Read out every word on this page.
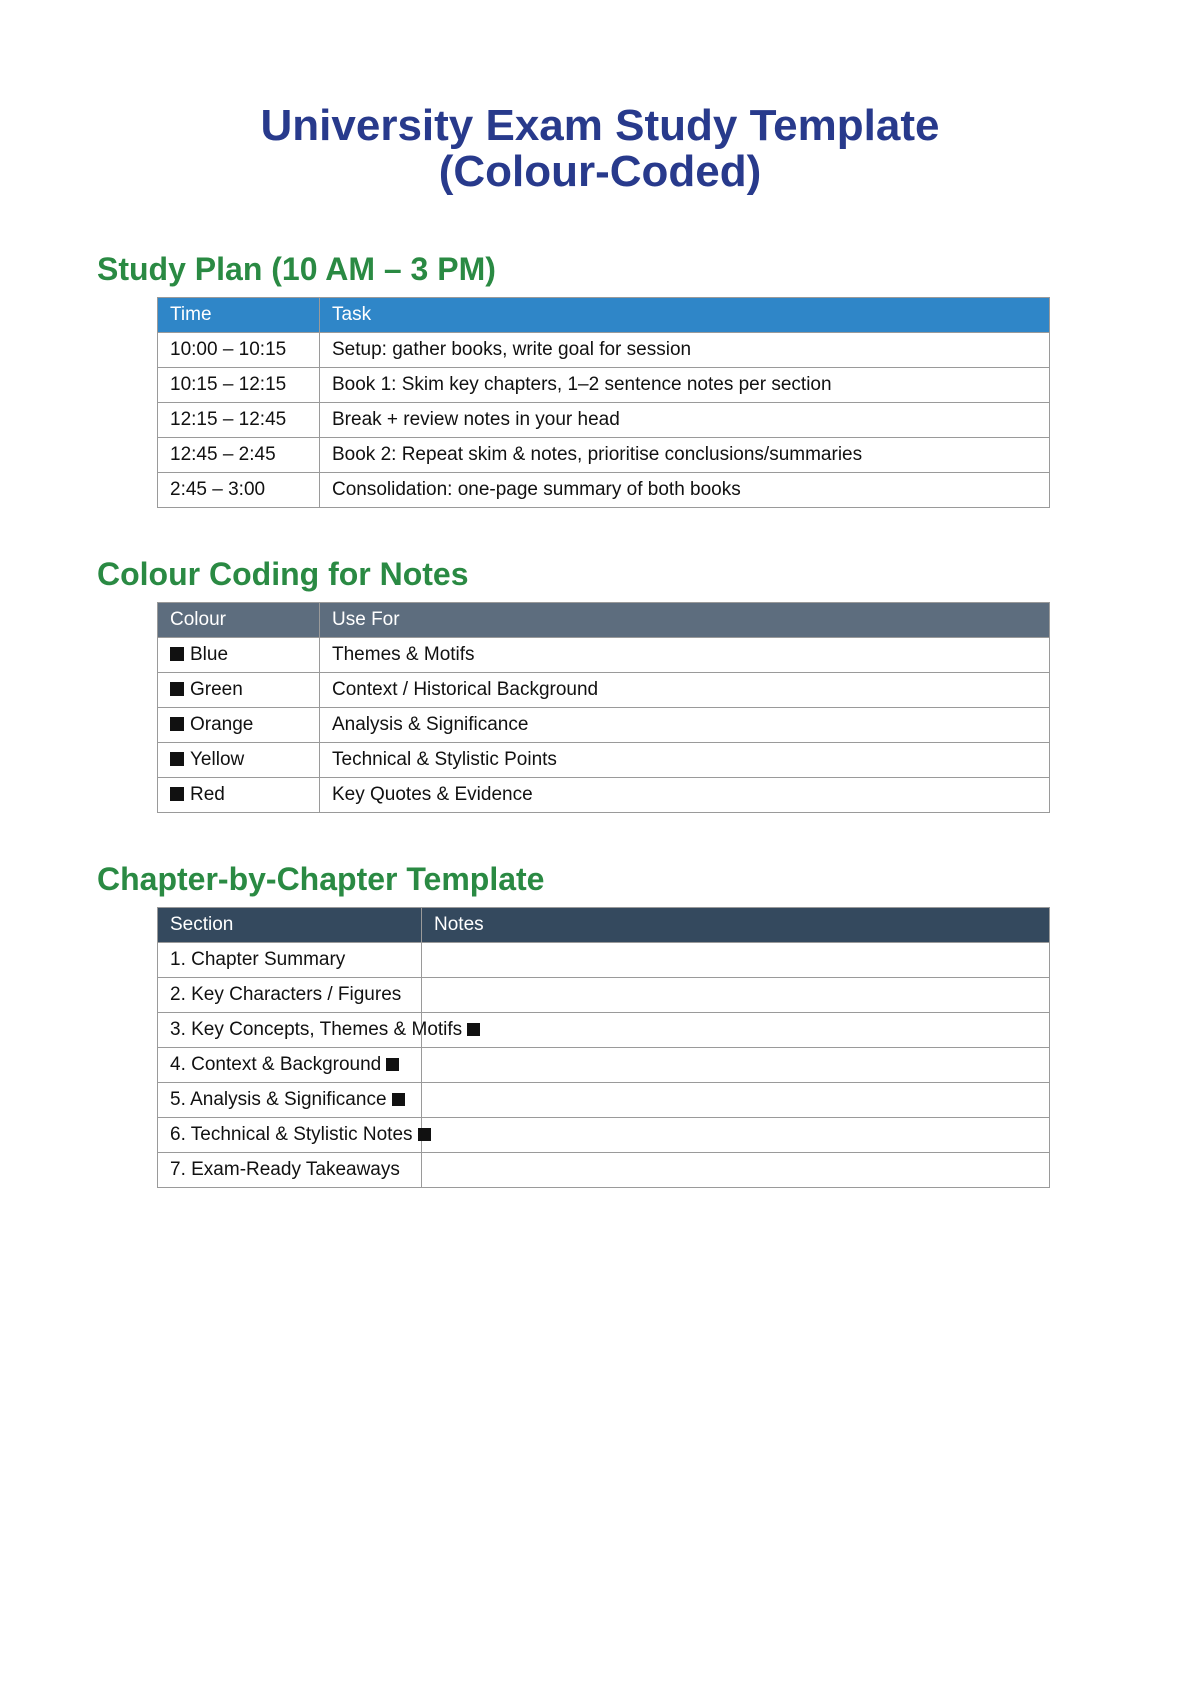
University Exam Study Template
(Colour-Coded)
Study Plan (10 AM – 3 PM)
Time	Task
10:00 – 10:15	Setup: gather books, write goal for session
10:15 – 12:15	Book 1: Skim key chapters, 1–2 sentence notes per section
12:15 – 12:45	Break + review notes in your head
12:45 – 2:45	Book 2: Repeat skim & notes, prioritise conclusions/summaries
2:45 – 3:00	Consolidation: one-page summary of both books
Colour Coding for Notes
Colour	Use For
Blue	Themes & Motifs
Green	Context / Historical Background
Orange	Analysis & Significance
Yellow	Technical & Stylistic Points
Red	Key Quotes & Evidence
Chapter-by-Chapter Template
Section	Notes
1. Chapter Summary	
2. Key Characters / Figures	
3. Key Concepts, Themes & Motifs	
4. Context & Background	
5. Analysis & Significance	
6. Technical & Stylistic Notes	
7. Exam-Ready Takeaways	
